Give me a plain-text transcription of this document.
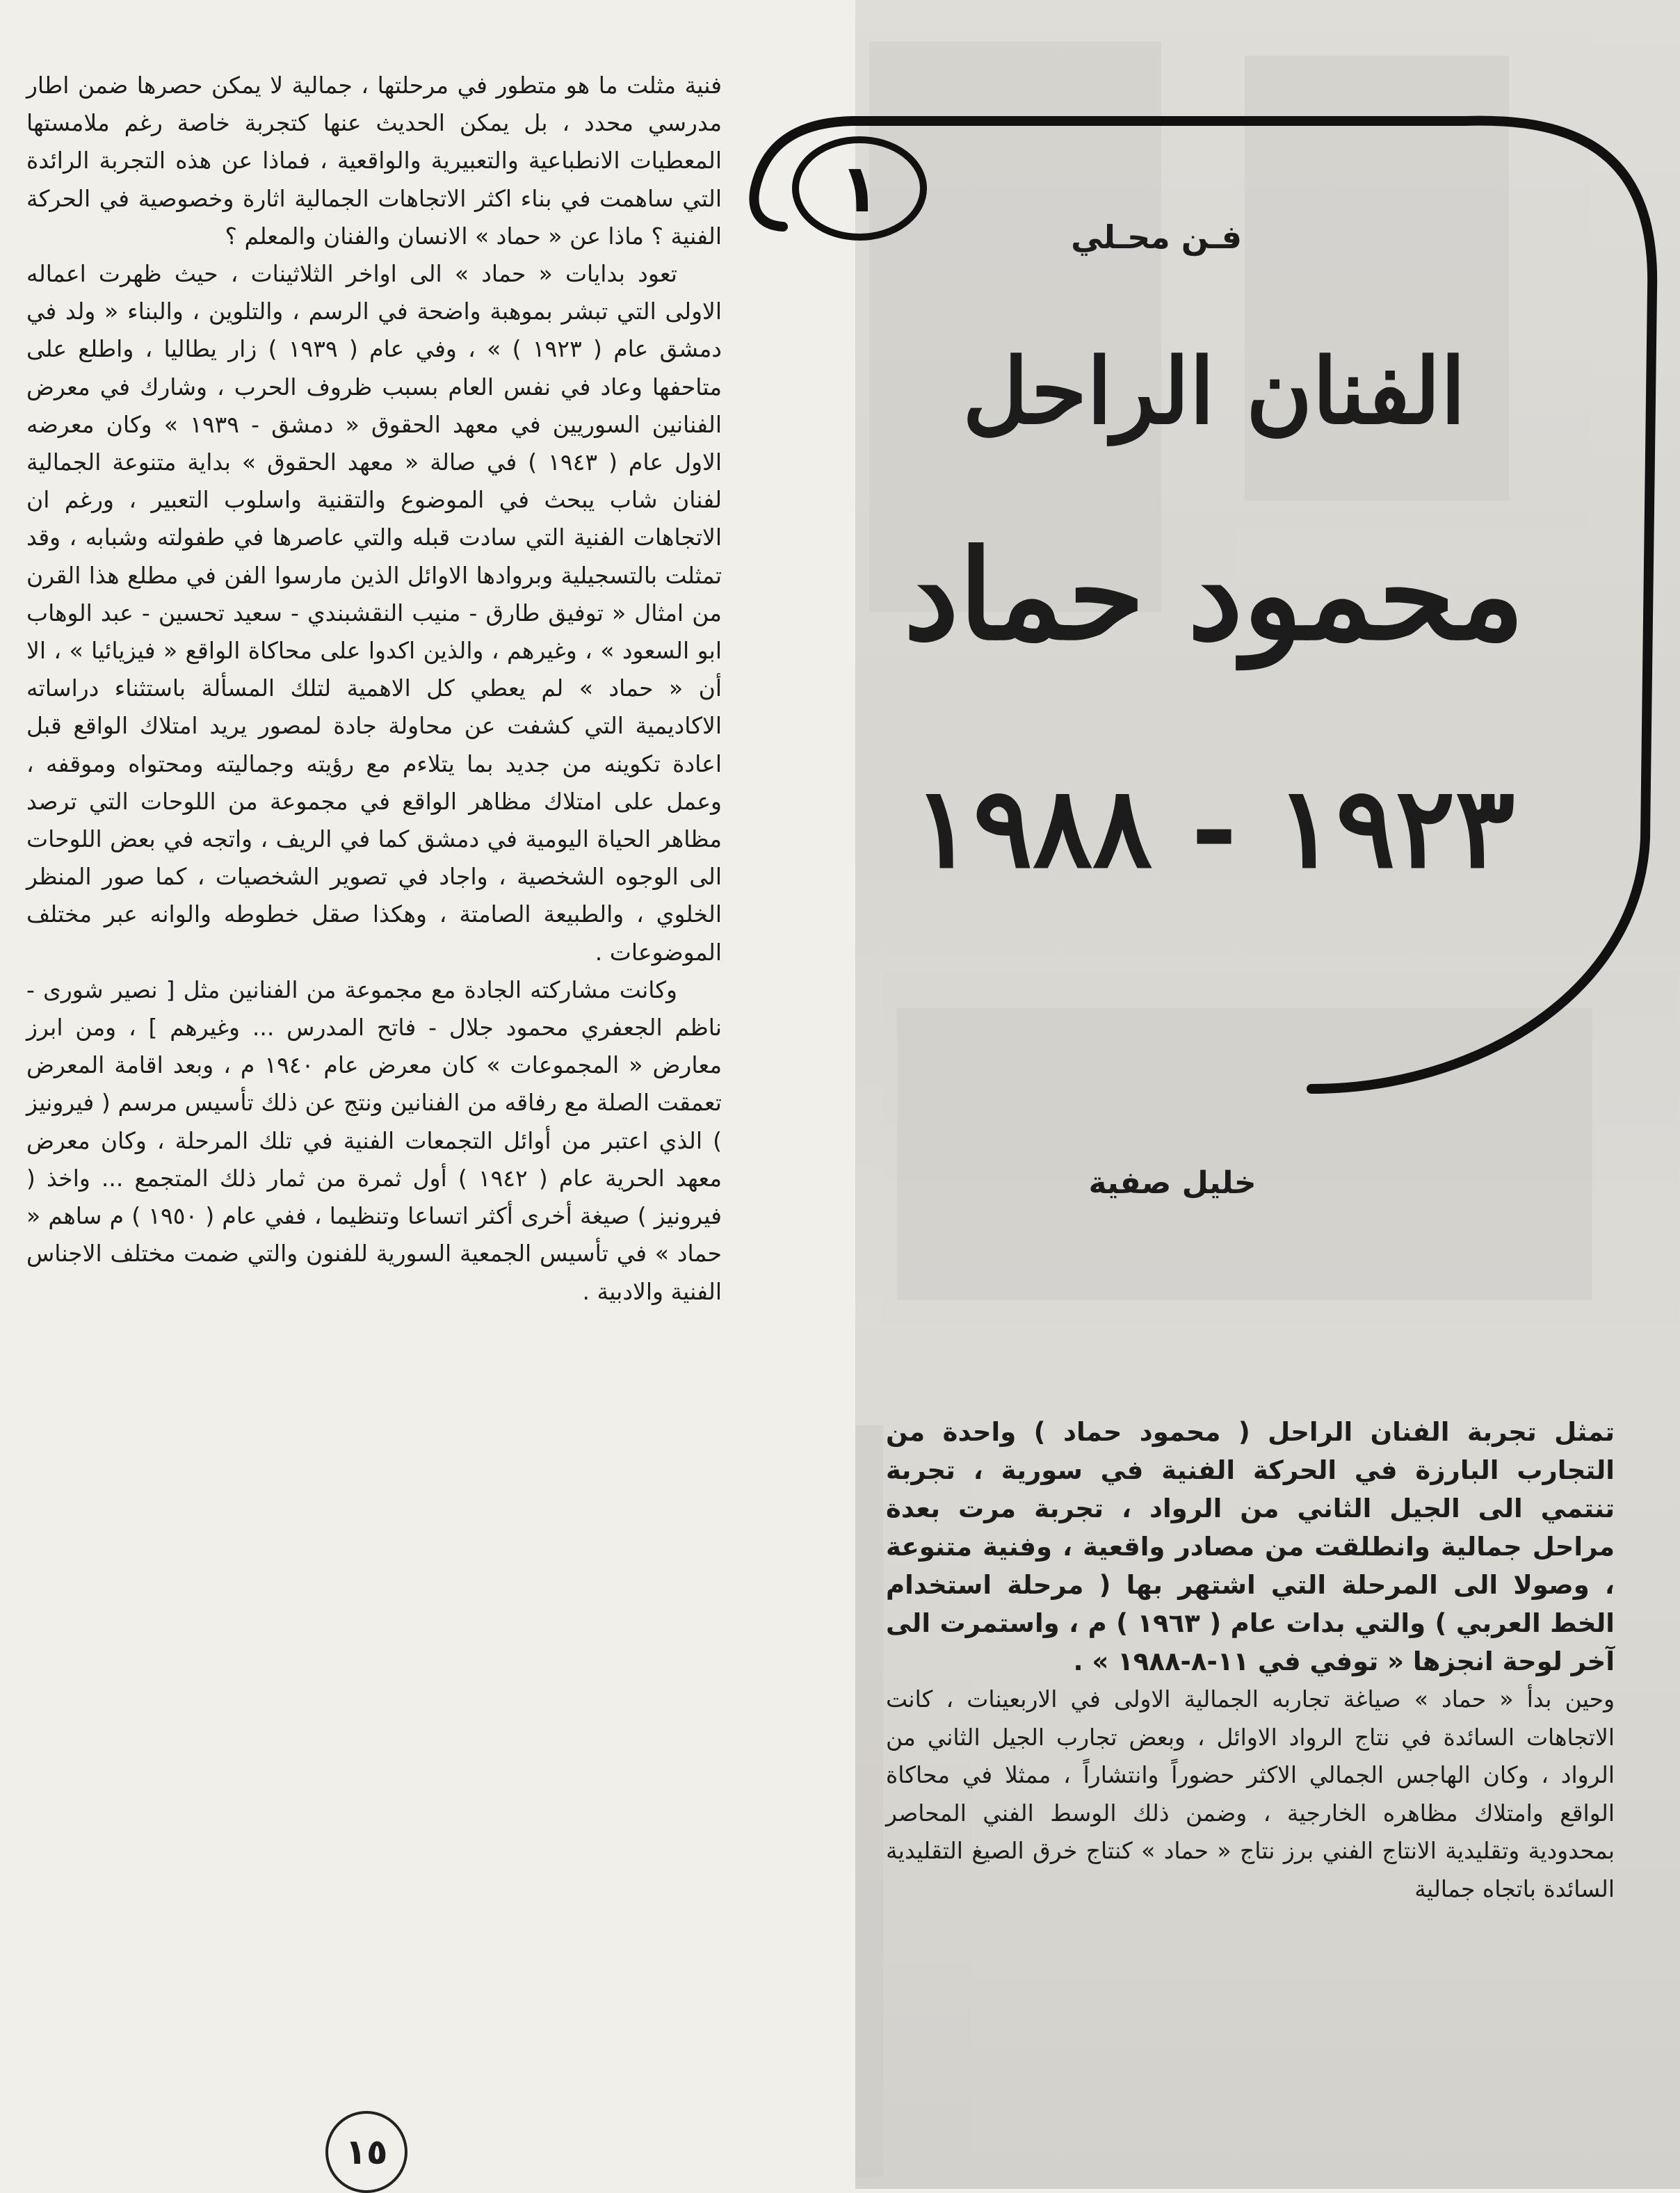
فنية مثلت ما هو متطور في مرحلتها ، جمالية لا يمكن حصرها ضمن اطار مدرسي محدد ، بل يمكن الحديث عنها كتجربة خاصة رغم ملامستها المعطيات الانطباعية والتعبيرية والواقعية ، فماذا عن هذه التجربة الرائدة التي ساهمت في بناء اكثر الاتجاهات الجمالية اثارة وخصوصية في الحركة الفنية ؟ ماذا عن « حماد » الانسان والفنان والمعلم ؟

تعود بدايات « حماد » الى اواخر الثلاثينات ، حيث ظهرت اعماله الاولى التي تبشر بموهبة واضحة في الرسم ، والتلوين ، والبناء « ولد في دمشق عام ( ١٩٢٣ ) » ، وفي عام ( ١٩٣٩ ) زار يطاليا ، واطلع على متاحفها وعاد في نفس العام بسبب ظروف الحرب ، وشارك في معرض الفنانين السوريين في معهد الحقوق « دمشق - ١٩٣٩ » وكان معرضه الاول عام ( ١٩٤٣ ) في صالة « معهد الحقوق » بداية متنوعة الجمالية لفنان شاب يبحث في الموضوع والتقنية واسلوب التعبير ، ورغم ان الاتجاهات الفنية التي سادت قبله والتي عاصرها في طفولته وشبابه ، وقد تمثلت بالتسجيلية وبروادها الاوائل الذين مارسوا الفن في مطلع هذا القرن من امثال « توفيق طارق - منيب النقشبندي - سعيد تحسين - عبد الوهاب ابو السعود » ، وغيرهم ، والذين اكدوا على محاكاة الواقع « فيزيائيا » ، الا أن « حماد » لم يعطي كل الاهمية لتلك المسألة باستثناء دراساته الاكاديمية التي كشفت عن محاولة جادة لمصور يريد امتلاك الواقع قبل اعادة تكوينه من جديد بما يتلاءم مع رؤيته وجماليته ومحتواه وموقفه ، وعمل على امتلاك مظاهر الواقع في مجموعة من اللوحات التي ترصد مظاهر الحياة اليومية في دمشق كما في الريف ، واتجه في بعض اللوحات الى الوجوه الشخصية ، واجاد في تصوير الشخصيات ، كما صور المنظر الخلوي ، والطبيعة الصامتة ، وهكذا صقل خطوطه والوانه عبر مختلف الموضوعات .

وكانت مشاركته الجادة مع مجموعة من الفنانين مثل [ نصير شورى - ناظم الجعفري محمود جلال - فاتح المدرس ... وغيرهم ] ، ومن ابرز معارض « المجموعات » كان معرض عام ١٩٤٠ م ، وبعد اقامة المعرض تعمقت الصلة مع رفاقه من الفنانين ونتج عن ذلك تأسيس مرسم ( فيرونيز ) الذي اعتبر من أوائل التجمعات الفنية في تلك المرحلة ، وكان معرض معهد الحرية عام ( ١٩٤٢ ) أول ثمرة من ثمار ذلك المتجمع ... واخذ ( فيرونيز ) صيغة أخرى أكثر اتساعا وتنظيما ، ففي عام ( ١٩٥٠ ) م ساهم « حماد » في تأسيس الجمعية السورية للفنون والتي ضمت مختلف الاجناس الفنية والادبية .

١
فـن محـلي
الفنان الراحل
محمود حماد
١٩٢٣ - ١٩٨٨
خليل صفية

تمثل تجربة الفنان الراحل ( محمود حماد ) واحدة من التجارب البارزة في الحركة الفنية في سورية ، تجربة تنتمي الى الجيل الثاني من الرواد ، تجربة مرت بعدة مراحل جمالية وانطلقت من مصادر واقعية ، وفنية متنوعة ، وصولا الى المرحلة التي اشتهر بها ( مرحلة استخدام الخط العربي ) والتي بدات عام ( ١٩٦٣ ) م ، واستمرت الى آخر لوحة انجزها « توفي في ١١-٨-١٩٨٨ » .

وحين بدأ « حماد » صياغة تجاربه الجمالية الاولى في الاربعينات ، كانت الاتجاهات السائدة في نتاج الرواد الاوائل ، وبعض تجارب الجيل الثاني من الرواد ، وكان الهاجس الجمالي الاكثر حضوراً وانتشاراً ، ممثلا في محاكاة الواقع وامتلاك مظاهره الخارجية ، وضمن ذلك الوسط الفني المحاصر بمحدودية وتقليدية الانتاج الفني برز نتاج « حماد » كنتاج خرق الصيغ التقليدية السائدة باتجاه جمالية

١٥
